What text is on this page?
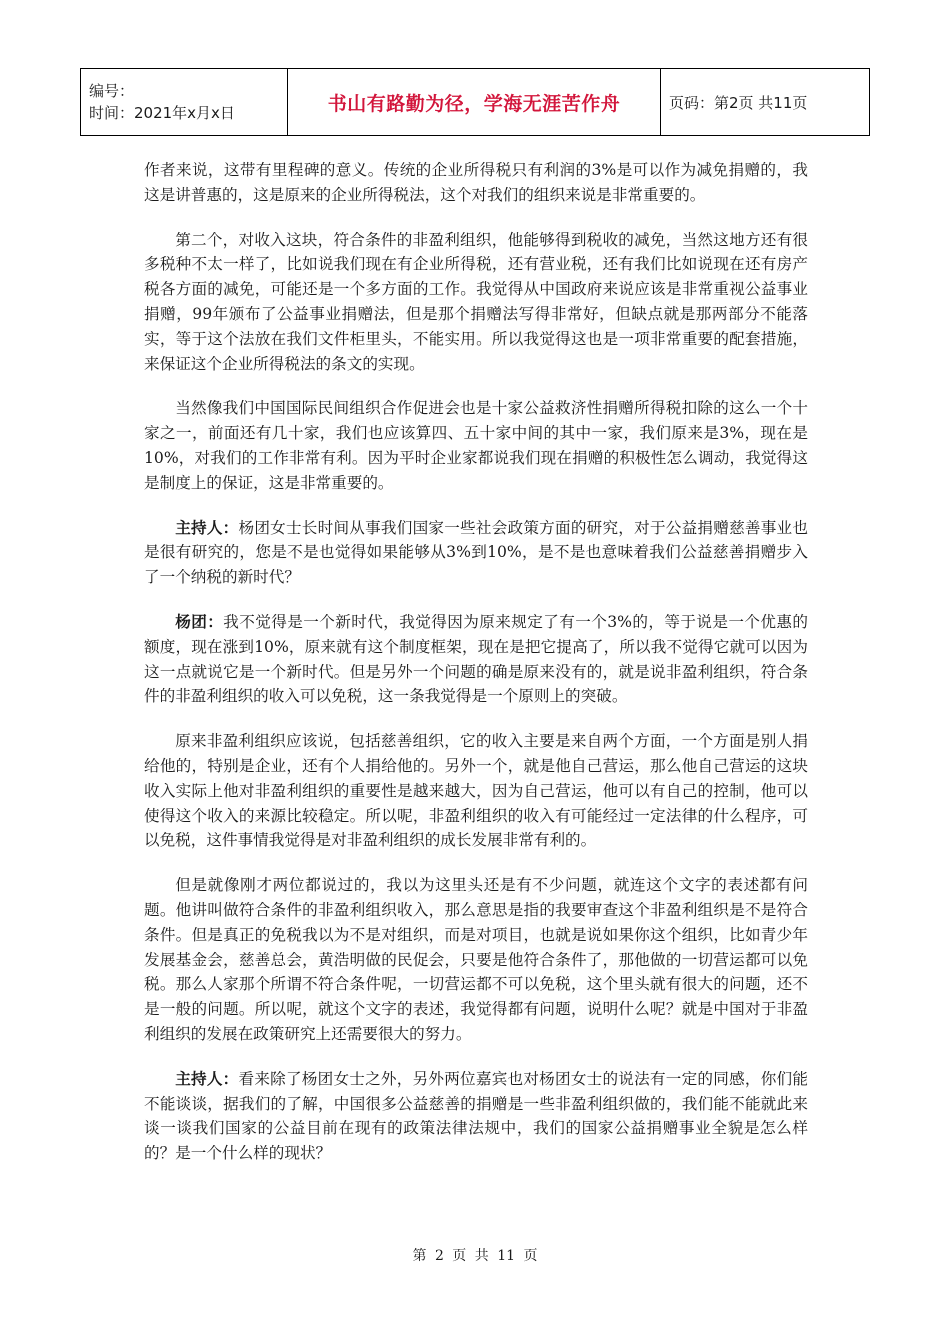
编号：
时间：2021年x月x日	书山有路勤为径，学海无涯苦作舟	页码：第2页 共11页

作者来说，这带有里程碑的意义。传统的企业所得税只有利润的3%是可以作为减免捐赠的，我这是讲普惠的，这是原来的企业所得税法，这个对我们的组织来说是非常重要的。

第二个，对收入这块，符合条件的非盈利组织，他能够得到税收的减免，当然这地方还有很多税种不太一样了，比如说我们现在有企业所得税，还有营业税，还有我们比如说现在还有房产税各方面的减免，可能还是一个多方面的工作。我觉得从中国政府来说应该是非常重视公益事业捐赠，99年颁布了公益事业捐赠法，但是那个捐赠法写得非常好，但缺点就是那两部分不能落实，等于这个法放在我们文件柜里头，不能实用。所以我觉得这也是一项非常重要的配套措施，来保证这个企业所得税法的条文的实现。

当然像我们中国国际民间组织合作促进会也是十家公益救济性捐赠所得税扣除的这么一个十家之一，前面还有几十家，我们也应该算四、五十家中间的其中一家，我们原来是3%，现在是10%，对我们的工作非常有利。因为平时企业家都说我们现在捐赠的积极性怎么调动，我觉得这是制度上的保证，这是非常重要的。

主持人：杨团女士长时间从事我们国家一些社会政策方面的研究，对于公益捐赠慈善事业也是很有研究的，您是不是也觉得如果能够从3%到10%，是不是也意味着我们公益慈善捐赠步入了一个纳税的新时代？

杨团：我不觉得是一个新时代，我觉得因为原来规定了有一个3%的，等于说是一个优惠的额度，现在涨到10%，原来就有这个制度框架，现在是把它提高了，所以我不觉得它就可以因为这一点就说它是一个新时代。但是另外一个问题的确是原来没有的，就是说非盈利组织，符合条件的非盈利组织的收入可以免税，这一条我觉得是一个原则上的突破。

原来非盈利组织应该说，包括慈善组织，它的收入主要是来自两个方面，一个方面是别人捐给他的，特别是企业，还有个人捐给他的。另外一个，就是他自己营运，那么他自己营运的这块收入实际上他对非盈利组织的重要性是越来越大，因为自己营运，他可以有自己的控制，他可以使得这个收入的来源比较稳定。所以呢，非盈利组织的收入有可能经过一定法律的什么程序，可以免税，这件事情我觉得是对非盈利组织的成长发展非常有利的。

但是就像刚才两位都说过的，我以为这里头还是有不少问题，就连这个文字的表述都有问题。他讲叫做符合条件的非盈利组织收入，那么意思是指的我要审查这个非盈利组织是不是符合条件。但是真正的免税我以为不是对组织，而是对项目，也就是说如果你这个组织，比如青少年发展基金会，慈善总会，黄浩明做的民促会，只要是他符合条件了，那他做的一切营运都可以免税。那么人家那个所谓不符合条件呢，一切营运都不可以免税，这个里头就有很大的问题，还不是一般的问题。所以呢，就这个文字的表述，我觉得都有问题，说明什么呢？就是中国对于非盈利组织的发展在政策研究上还需要很大的努力。

主持人：看来除了杨团女士之外，另外两位嘉宾也对杨团女士的说法有一定的同感，你们能不能谈谈，据我们的了解，中国很多公益慈善的捐赠是一些非盈利组织做的，我们能不能就此来谈一谈我们国家的公益目前在现有的政策法律法规中，我们的国家公益捐赠事业全貌是怎么样的？是一个什么样的现状？

第 2 页 共 11 页
